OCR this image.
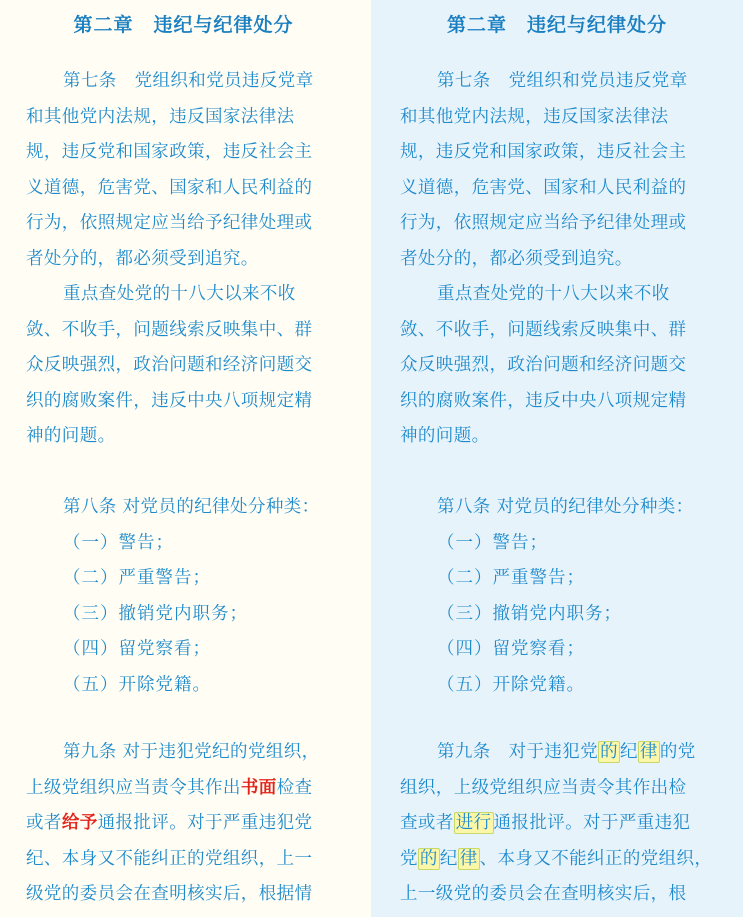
第二章　违纪与纪律处分
第七条　党组织和党员违反党章
和其他党内法规，违反国家法律法
规，违反党和国家政策，违反社会主
义道德，危害党、国家和人民利益的
行为，依照规定应当给予纪律处理或
者处分的，都必须受到追究。
重点查处党的十八大以来不收
敛、不收手，问题线索反映集中、群
众反映强烈，政治问题和经济问题交
织的腐败案件，违反中央八项规定精
神的问题。
第八条 对党员的纪律处分种类：
（一）警告；
（二）严重警告；
（三）撤销党内职务；
（四）留党察看；
（五）开除党籍。
第九条 对于违犯党纪的党组织，
上级党组织应当责令其作出书面检查
或者给予通报批评。对于严重违犯党
纪、本身又不能纠正的党组织，上一
级党的委员会在查明核实后，根据情
第二章　违纪与纪律处分
第七条　党组织和党员违反党章
和其他党内法规，违反国家法律法
规，违反党和国家政策，违反社会主
义道德，危害党、国家和人民利益的
行为，依照规定应当给予纪律处理或
者处分的，都必须受到追究。
重点查处党的十八大以来不收
敛、不收手，问题线索反映集中、群
众反映强烈，政治问题和经济问题交
织的腐败案件，违反中央八项规定精
神的问题。
第八条 对党员的纪律处分种类：
（一）警告；
（二）严重警告；
（三）撤销党内职务；
（四）留党察看；
（五）开除党籍。
第九条　对于违犯党 的 纪 律 的党
组织，上级党组织应当责令其作出检
查或者 进行 通报批评。对于严重违犯
党 的 纪 律 、本身又不能纠正的党组织，
上一级党的委员会在查明核实后，根
